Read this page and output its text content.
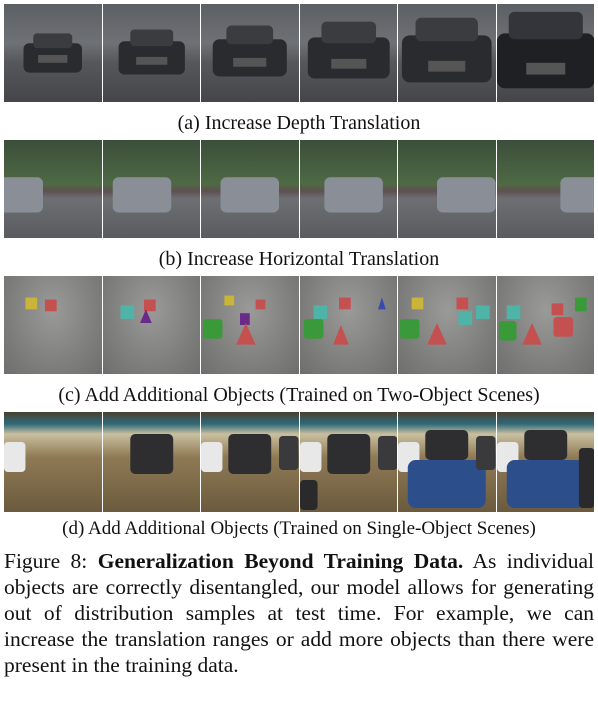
(a) Increase Depth Translation
(b) Increase Horizontal Translation
(c) Add Additional Objects (Trained on Two-Object Scenes)
(d) Add Additional Objects (Trained on Single-Object Scenes)
Figure 8: Generalization Beyond Training Data. As individual objects are correctly disentangled, our model allows for generating out of distribution samples at test time. For example, we can increase the translation ranges or add more objects than there were present in the training data.
